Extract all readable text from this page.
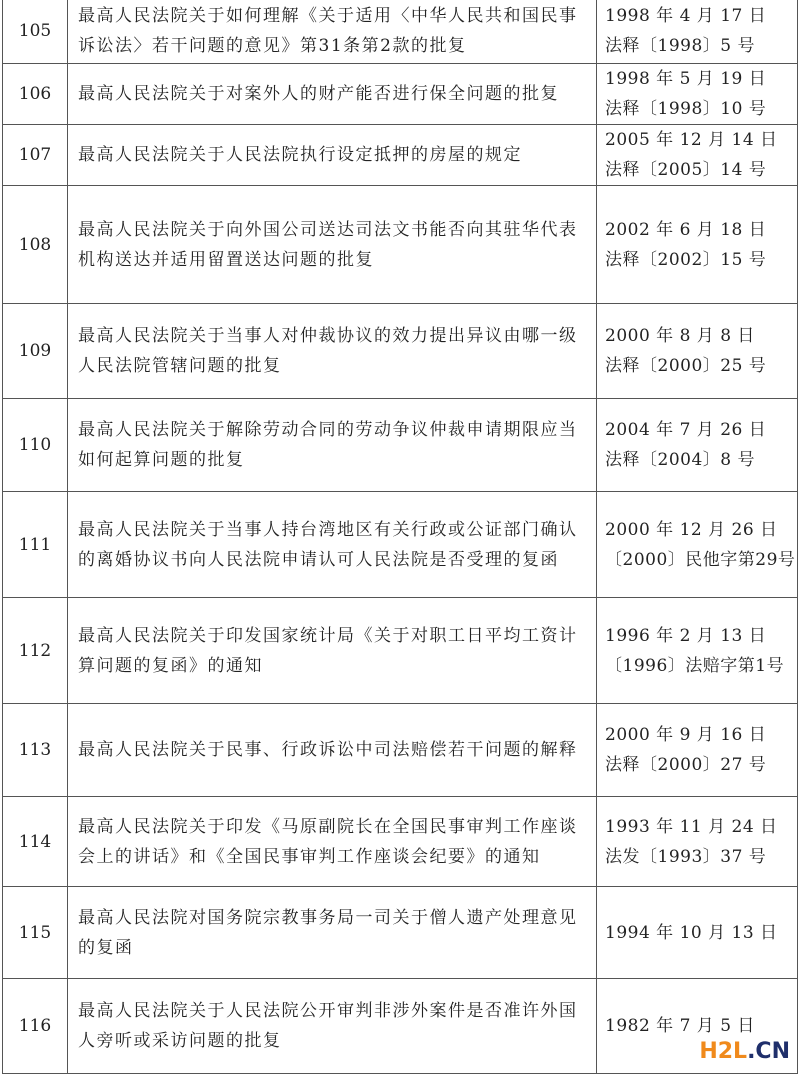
105	最高人民法院关于如何理解《关于适用〈中华人民共和国民事诉讼法〉若干问题的意见》第31条第2款的批复	1998 年 4 月 17 日
法释〔1998〕5 号

106	最高人民法院关于对案外人的财产能否进行保全问题的批复	1998 年 5 月 19 日
法释〔1998〕10 号

107	最高人民法院关于人民法院执行设定抵押的房屋的规定	2005 年 12 月 14 日
法释〔2005〕14 号

108	最高人民法院关于向外国公司送达司法文书能否向其驻华代表机构送达并适用留置送达问题的批复	2002 年 6 月 18 日
法释〔2002〕15 号

109	最高人民法院关于当事人对仲裁协议的效力提出异议由哪一级人民法院管辖问题的批复	2000 年 8 月 8 日
法释〔2000〕25 号

110	最高人民法院关于解除劳动合同的劳动争议仲裁申请期限应当如何起算问题的批复	2004 年 7 月 26 日
法释〔2004〕8 号

111	最高人民法院关于当事人持台湾地区有关行政或公证部门确认的离婚协议书向人民法院申请认可人民法院是否受理的复函	2000 年 12 月 26 日
〔2000〕民他字第29号

112	最高人民法院关于印发国家统计局《关于对职工日平均工资计算问题的复函》的通知	1996 年 2 月 13 日
〔1996〕法赔字第1号

113	最高人民法院关于民事、行政诉讼中司法赔偿若干问题的解释	2000 年 9 月 16 日
法释〔2000〕27 号

114	最高人民法院关于印发《马原副院长在全国民事审判工作座谈会上的讲话》和《全国民事审判工作座谈会纪要》的通知	1993 年 11 月 24 日
法发〔1993〕37 号

115	最高人民法院对国务院宗教事务局一司关于僧人遗产处理意见的复函	1994 年 10 月 13 日

116	最高人民法院关于人民法院公开审判非涉外案件是否准许外国人旁听或采访问题的批复	1982 年 7 月 5 日
H2L.CN
